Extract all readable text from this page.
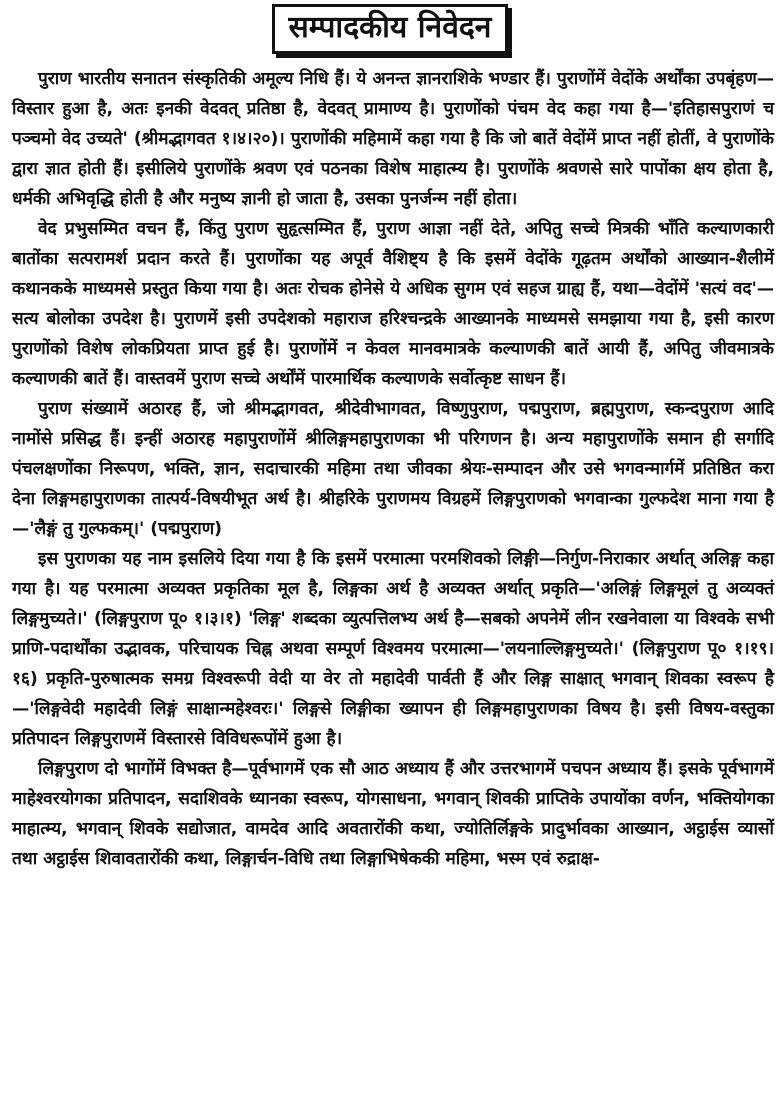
सम्पादकीय निवेदन

पुराण भारतीय सनातन संस्कृतिकी अमूल्य निधि हैं। ये अनन्त ज्ञानराशिके भण्डार हैं। पुराणोंमें वेदोंके अर्थोंका उपबृंहण—विस्तार हुआ है, अतः इनकी वेदवत् प्रतिष्ठा है, वेदवत् प्रामाण्य है। पुराणोंको पंचम वेद कहा गया है—'इतिहासपुराणं च पञ्चमो वेद उच्यते' (श्रीमद्भागवत १।४।२०)। पुराणोंकी महिमामें कहा गया है कि जो बातें वेदोंमें प्राप्त नहीं होतीं, वे पुराणोंके द्वारा ज्ञात होती हैं। इसीलिये पुराणोंके श्रवण एवं पठनका विशेष माहात्म्य है। पुराणोंके श्रवणसे सारे पापोंका क्षय होता है, धर्मकी अभिवृद्धि होती है और मनुष्य ज्ञानी हो जाता है, उसका पुनर्जन्म नहीं होता।

वेद प्रभुसम्मित वचन हैं, किंतु पुराण सुहृत्सम्मित हैं, पुराण आज्ञा नहीं देते, अपितु सच्चे मित्रकी भाँति कल्याणकारी बातोंका सत्परामर्श प्रदान करते हैं। पुराणोंका यह अपूर्व वैशिष्ट्य है कि इसमें वेदोंके गूढ़तम अर्थोंको आख्यान-शैलीमें कथानकके माध्यमसे प्रस्तुत किया गया है। अतः रोचक होनेसे ये अधिक सुगम एवं सहज ग्राह्य हैं, यथा—वेदोंमें 'सत्यं वद'—सत्य बोलोका उपदेश है। पुराणमें इसी उपदेशको महाराज हरिश्चन्द्रके आख्यानके माध्यमसे समझाया गया है, इसी कारण पुराणोंको विशेष लोकप्रियता प्राप्त हुई है। पुराणोंमें न केवल मानवमात्रके कल्याणकी बातें आयी हैं, अपितु जीवमात्रके कल्याणकी बातें हैं। वास्तवमें पुराण सच्चे अर्थोंमें पारमार्थिक कल्याणके सर्वोत्कृष्ट साधन हैं।

पुराण संख्यामें अठारह हैं, जो श्रीमद्भागवत, श्रीदेवीभागवत, विष्णुपुराण, पद्मपुराण, ब्रह्मपुराण, स्कन्दपुराण आदि नामोंसे प्रसिद्ध हैं। इन्हीं अठारह महापुराणोंमें श्रीलिङ्गमहापुराणका भी परिगणन है। अन्य महापुराणोंके समान ही सर्गादि पंचलक्षणोंका निरूपण, भक्ति, ज्ञान, सदाचारकी महिमा तथा जीवका श्रेयः-सम्पादन और उसे भगवन्मार्गमें प्रतिष्ठित करा देना लिङ्गमहापुराणका तात्पर्य-विषयीभूत अर्थ है। श्रीहरिके पुराणमय विग्रहमें लिङ्गपुराणको भगवान्का गुल्फदेश माना गया है—'लैङ्गं तु गुल्फकम्।' (पद्मपुराण)

इस पुराणका यह नाम इसलिये दिया गया है कि इसमें परमात्मा परमशिवको लिङ्गी—निर्गुण-निराकार अर्थात् अलिङ्ग कहा गया है। यह परमात्मा अव्यक्त प्रकृतिका मूल है, लिङ्गका अर्थ है अव्यक्त अर्थात् प्रकृति—'अलिङ्गं लिङ्गमूलं तु अव्यक्तं लिङ्गमुच्यते।' (लिङ्गपुराण पू० १।३।१) 'लिङ्ग' शब्दका व्युत्पत्तिलभ्य अर्थ है—सबको अपनेमें लीन रखनेवाला या विश्वके सभी प्राणि-पदार्थोंका उद्भावक, परिचायक चिह्न अथवा सम्पूर्ण विश्वमय परमात्मा—'लयनाल्लिङ्गमुच्यते।' (लिङ्गपुराण पू० १।१९।१६) प्रकृति-पुरुषात्मक समग्र विश्वरूपी वेदी या वेर तो महादेवी पार्वती हैं और लिङ्ग साक्षात् भगवान् शिवका स्वरूप है—'लिङ्गवेदी महादेवी लिङ्गं साक्षान्महेश्वरः।' लिङ्गसे लिङ्गीका ख्यापन ही लिङ्गमहापुराणका विषय है। इसी विषय-वस्तुका प्रतिपादन लिङ्गपुराणमें विस्तारसे विविधरूपोंमें हुआ है।

लिङ्गपुराण दो भागोंमें विभक्त है—पूर्वभागमें एक सौ आठ अध्याय हैं और उत्तरभागमें पचपन अध्याय हैं। इसके पूर्वभागमें माहेश्वरयोगका प्रतिपादन, सदाशिवके ध्यानका स्वरूप, योगसाधना, भगवान् शिवकी प्राप्तिके उपायोंका वर्णन, भक्तियोगका माहात्म्य, भगवान् शिवके सद्योजात, वामदेव आदि अवतारोंकी कथा, ज्योतिर्लिङ्गके प्रादुर्भावका आख्यान, अट्ठाईस व्यासों तथा अट्ठाईस शिवावतारोंकी कथा, लिङ्गार्चन-विधि तथा लिङ्गाभिषेककी महिमा, भस्म एवं रुद्राक्ष-
